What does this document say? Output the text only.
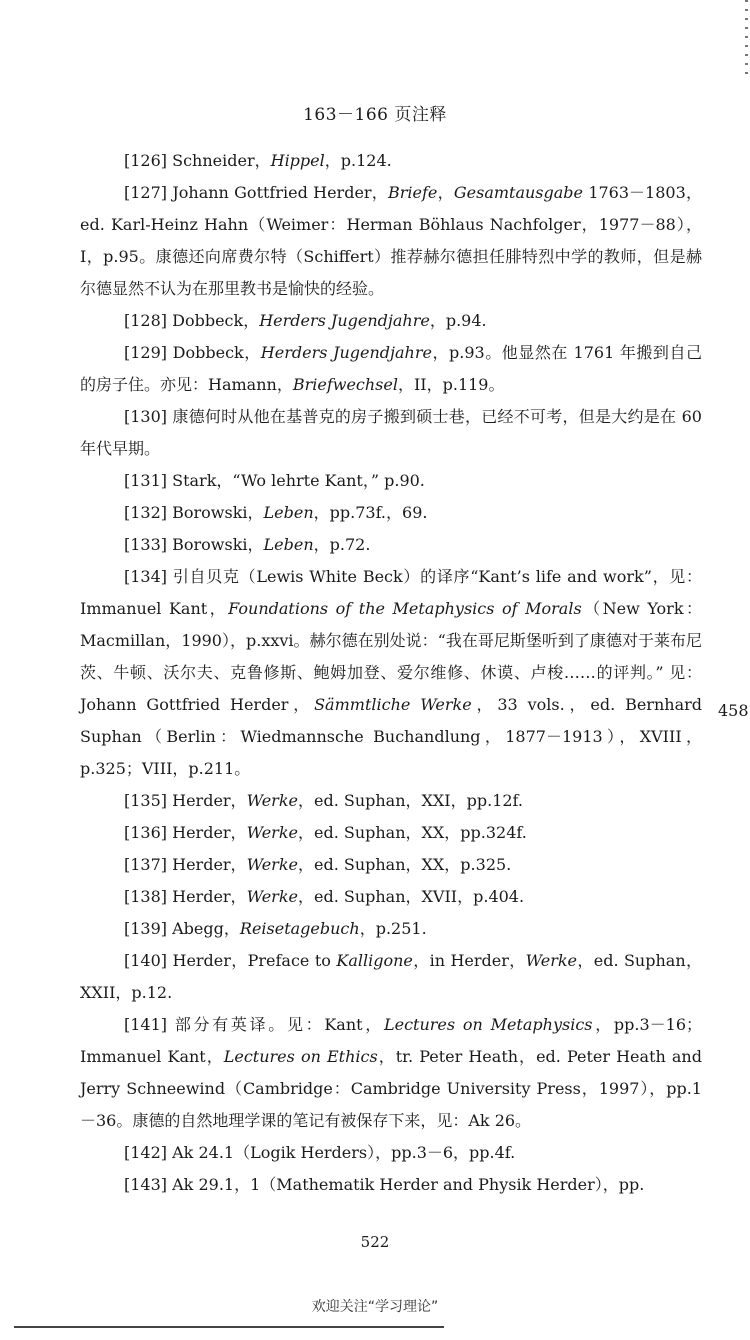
163－166 页注释

[126] Schneider，Hippel，p.124.

[127] Johann Gottfried Herder，Briefe，Gesamtausgabe 1763－1803，ed. Karl-Heinz Hahn（Weimer：Herman Böhlaus Nachfolger，1977－88），I，p.95。康德还向席费尔特（Schiffert）推荐赫尔德担任腓特烈中学的教师，但是赫尔德显然不认为在那里教书是愉快的经验。

[128] Dobbeck，Herders Jugendjahre，p.94.

[129] Dobbeck，Herders Jugendjahre，p.93。他显然在 1761 年搬到自己的房子住。亦见：Hamann，Briefwechsel，II，p.119。

[130] 康德何时从他在基普克的房子搬到硕士巷，已经不可考，但是大约是在 60 年代早期。

[131] Stark，“Wo lehrte Kant，” p.90.

[132] Borowski，Leben，pp.73f.，69.

[133] Borowski，Leben，p.72.

[134] 引自贝克（Lewis White Beck）的译序“Kant’s life and work”，见：Immanuel Kant，Foundations of the Metaphysics of Morals（New York：Macmillan，1990），p.xxvi。赫尔德在别处说：“我在哥尼斯堡听到了康德对于莱布尼茨、牛顿、沃尔夫、克鲁修斯、鲍姆加登、爱尔维修、休谟、卢梭……的评判。” 见：Johann Gottfried Herder，Sämmtliche Werke，33 vols.，ed. Bernhard Suphan（Berlin：Wiedmannsche Buchandlung，1877－1913），XVIII，p.325；VIII，p.211。

[135] Herder，Werke，ed. Suphan，XXI，pp.12f.

[136] Herder，Werke，ed. Suphan，XX，pp.324f.

[137] Herder，Werke，ed. Suphan，XX，p.325.

[138] Herder，Werke，ed. Suphan，XVII，p.404.

[139] Abegg，Reisetagebuch，p.251.

[140] Herder，Preface to Kalligone，in Herder，Werke，ed. Suphan，XXII，p.12.

[141] 部分有英译。见：Kant，Lectures on Metaphysics，pp.3－16；Immanuel Kant，Lectures on Ethics，tr. Peter Heath，ed. Peter Heath and Jerry Schneewind（Cambridge：Cambridge University Press，1997），pp.1－36。康德的自然地理学课的笔记有被保存下来，见：Ak 26。

[142] Ak 24.1（Logik Herders），pp.3－6，pp.4f.

[143] Ak 29.1，1（Mathematik Herder and Physik Herder），pp.

458
522
欢迎关注“学习理论”
